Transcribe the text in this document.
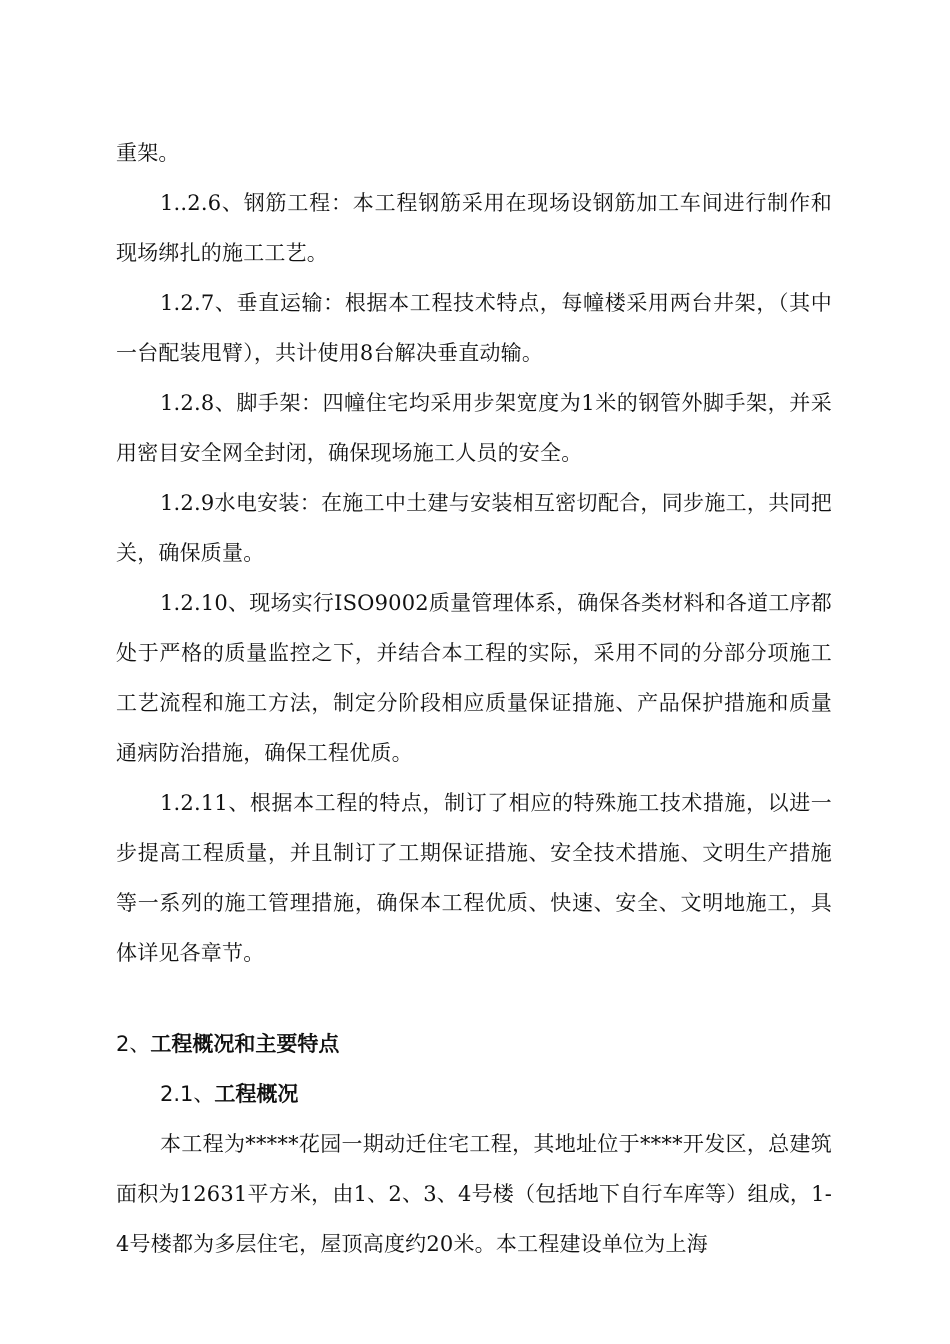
重架。

1..2.6、钢筋工程：本工程钢筋采用在现场设钢筋加工车间进行制作和现场绑扎的施工工艺。

1.2.7、垂直运输：根据本工程技术特点，每幢楼采用两台井架，（其中一台配装甩臂），共计使用8台解决垂直动输。

1.2.8、脚手架：四幢住宅均采用步架宽度为1米的钢管外脚手架，并采用密目安全网全封闭，确保现场施工人员的安全。

1.2.9水电安装：在施工中土建与安装相互密切配合，同步施工，共同把关，确保质量。

1.2.10、现场实行ISO9002质量管理体系，确保各类材料和各道工序都处于严格的质量监控之下，并结合本工程的实际，采用不同的分部分项施工工艺流程和施工方法，制定分阶段相应质量保证措施、产品保护措施和质量通病防治措施，确保工程优质。

1.2.11、根据本工程的特点，制订了相应的特殊施工技术措施，以进一步提高工程质量，并且制订了工期保证措施、安全技术措施、文明生产措施等一系列的施工管理措施，确保本工程优质、快速、安全、文明地施工，具体详见各章节。

2、工程概况和主要特点
2.1、工程概况

本工程为*****花园一期动迁住宅工程，其地址位于****开发区，总建筑面积为12631平方米，由1、2、3、4号楼（包括地下自行车库等）组成，1-4号楼都为多层住宅，屋顶高度约20米。本工程建设单位为上海
